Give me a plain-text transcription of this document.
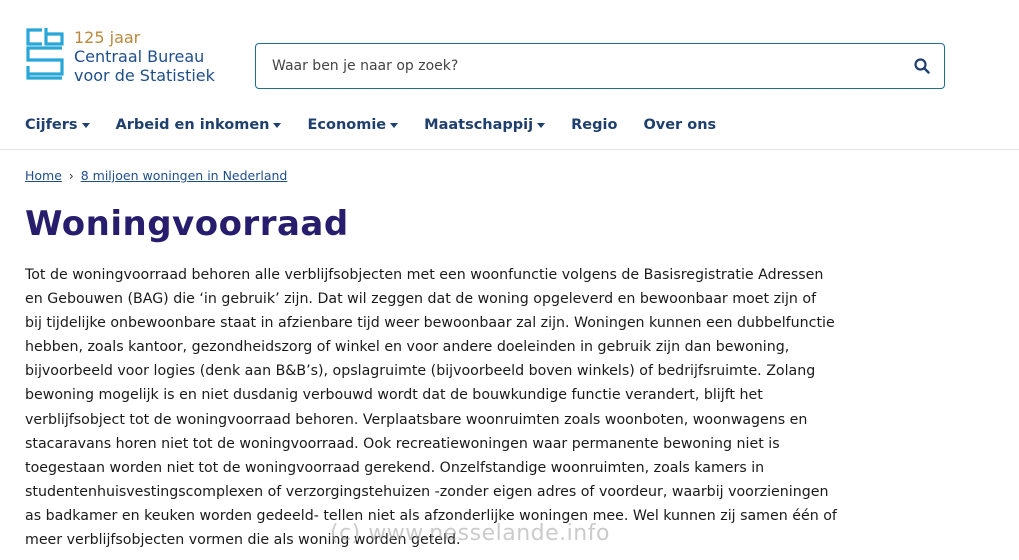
125 jaar
Centraal Bureau
voor de Statistiek
Waar ben je naar op zoek?
Cijfers	Arbeid en inkomen	Economie	Maatschappij	Regio Over ons
Home › 8 miljoen woningen in Nederland
Woningvoorraad

Tot de woningvoorraad behoren alle verblijfsobjecten met een woonfunctie volgens de Basisregistratie Adressen en Gebouwen (BAG) die ‘in gebruik’ zijn. Dat wil zeggen dat de woning opgeleverd en bewoonbaar moet zijn of bij tijdelijke onbewoonbare staat in afzienbare tijd weer bewoonbaar zal zijn. Woningen kunnen een dubbelfunctie hebben, zoals kantoor, gezondheidszorg of winkel en voor andere doeleinden in gebruik zijn dan bewoning, bijvoorbeeld voor logies (denk aan B&B’s), opslagruimte (bijvoorbeeld boven winkels) of bedrijfsruimte. Zolang bewoning mogelijk is en niet dusdanig verbouwd wordt dat de bouwkundige functie verandert, blijft het verblijfsobject tot de woningvoorraad behoren. Verplaatsbare woonruimten zoals woonboten, woonwagens en stacaravans horen niet tot de woningvoorraad. Ook recreatiewoningen waar permanente bewoning niet is toegestaan worden niet tot de woningvoorraad gerekend. Onzelfstandige woonruimten, zoals kamers in studentenhuisvestingscomplexen of verzorgingstehuizen -zonder eigen adres of voordeur, waarbij voorzieningen as badkamer en keuken worden gedeeld- tellen niet als afzonderlijke woningen mee. Wel kunnen zij samen één of meer verblijfsobjecten vormen die als woning worden geteld.

(c) www.nesselande.info
